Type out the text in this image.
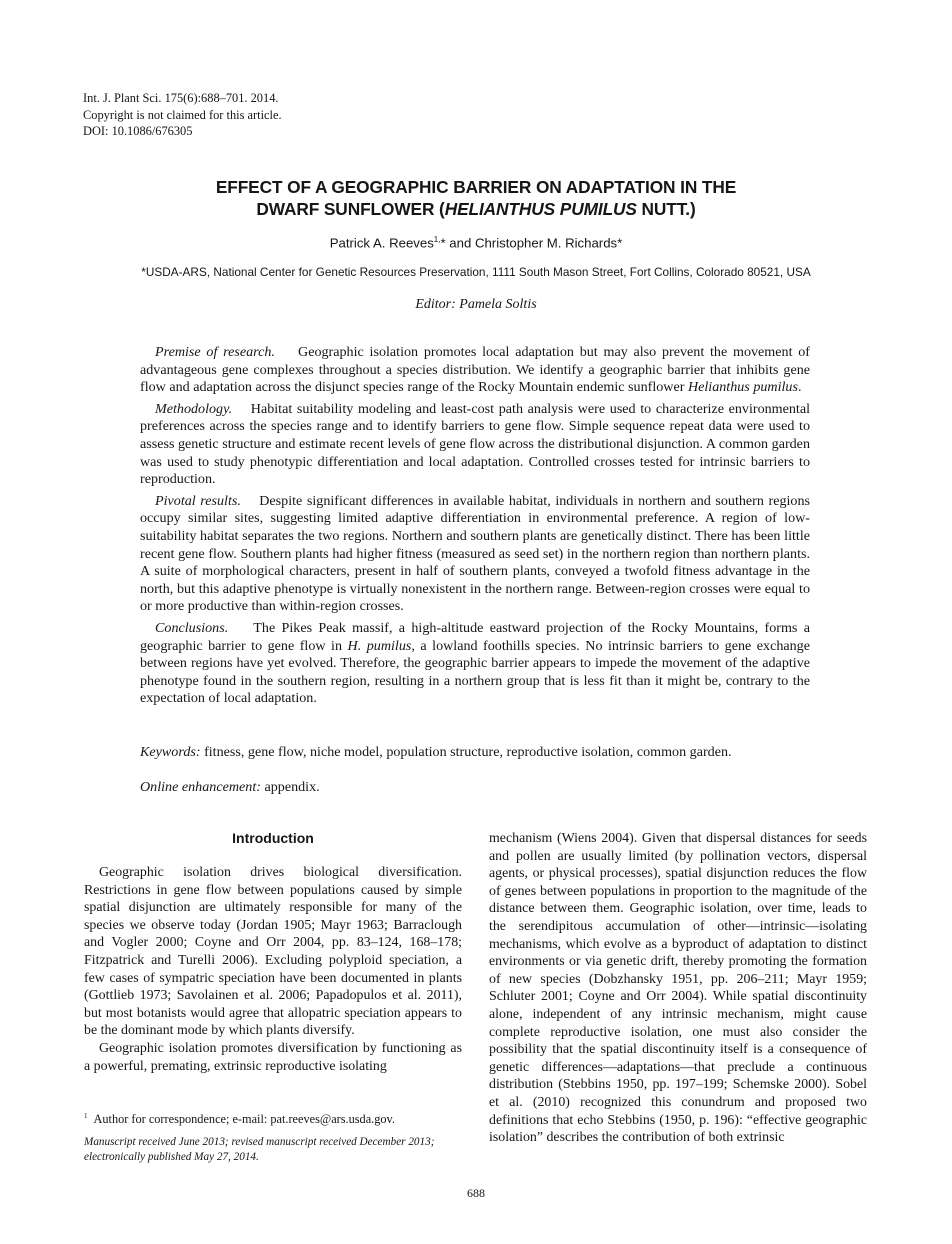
Int. J. Plant Sci. 175(6):688–701. 2014.
Copyright is not claimed for this article.
DOI: 10.1086/676305
EFFECT OF A GEOGRAPHIC BARRIER ON ADAPTATION IN THE
DWARF SUNFLOWER (HELIANTHUS PUMILUS NUTT.)
Patrick A. Reeves$^{1,}$* and Christopher M. Richards*
*USDA-ARS, National Center for Genetic Resources Preservation, 1111 South Mason Street, Fort Collins, Colorado 80521, USA
Editor: Pamela Soltis

Premise of research. Geographic isolation promotes local adaptation but may also prevent the movement of advantageous gene complexes throughout a species distribution. We identify a geographic barrier that inhibits gene flow and adaptation across the disjunct species range of the Rocky Mountain endemic sunflower Helianthus pumilus.

Methodology. Habitat suitability modeling and least-cost path analysis were used to characterize environmental preferences across the species range and to identify barriers to gene flow. Simple sequence repeat data were used to assess genetic structure and estimate recent levels of gene flow across the distributional disjunction. A common garden was used to study phenotypic differentiation and local adaptation. Controlled crosses tested for intrinsic barriers to reproduction.

Pivotal results. Despite significant differences in available habitat, individuals in northern and southern regions occupy similar sites, suggesting limited adaptive differentiation in environmental preference. A region of low-suitability habitat separates the two regions. Northern and southern plants are genetically distinct. There has been little recent gene flow. Southern plants had higher fitness (measured as seed set) in the northern region than northern plants. A suite of morphological characters, present in half of southern plants, conveyed a twofold fitness advantage in the north, but this adaptive phenotype is virtually nonexistent in the northern range. Between-region crosses were equal to or more productive than within-region crosses.

Conclusions. The Pikes Peak massif, a high-altitude eastward projection of the Rocky Mountains, forms a geographic barrier to gene flow in H. pumilus, a lowland foothills species. No intrinsic barriers to gene exchange between regions have yet evolved. Therefore, the geographic barrier appears to impede the movement of the adaptive phenotype found in the southern region, resulting in a northern group that is less fit than it might be, contrary to the expectation of local adaptation.

Keywords: fitness, gene flow, niche model, population structure, reproductive isolation, common garden.
Online enhancement: appendix.
Introduction

Geographic isolation drives biological diversification. Restrictions in gene flow between populations caused by simple spatial disjunction are ultimately responsible for many of the species we observe today (Jordan 1905; Mayr 1963; Barraclough and Vogler 2000; Coyne and Orr 2004, pp. 83–124, 168–178; Fitzpatrick and Turelli 2006). Excluding polyploid speciation, a few cases of sympatric speciation have been documented in plants (Gottlieb 1973; Savolainen et al. 2006; Papadopulos et al. 2011), but most botanists would agree that allopatric speciation appears to be the dominant mode by which plants diversify.

Geographic isolation promotes diversification by functioning as a powerful, premating, extrinsic reproductive isolating

mechanism (Wiens 2004). Given that dispersal distances for seeds and pollen are usually limited (by pollination vectors, dispersal agents, or physical processes), spatial disjunction reduces the flow of genes between populations in proportion to the magnitude of the distance between them. Geographic isolation, over time, leads to the serendipitous accumulation of other—intrinsic—isolating mechanisms, which evolve as a byproduct of adaptation to distinct environments or via genetic drift, thereby promoting the formation of new species (Dobzhansky 1951, pp. 206–211; Mayr 1959; Schluter 2001; Coyne and Orr 2004). While spatial discontinuity alone, independent of any intrinsic mechanism, might cause complete reproductive isolation, one must also consider the possibility that the spatial discontinuity itself is a consequence of genetic differences—adaptations—that preclude a continuous distribution (Stebbins 1950, pp. 197–199; Schemske 2000). Sobel et al. (2010) recognized this conundrum and proposed two definitions that echo Stebbins (1950, p. 196): “effective geographic isolation” describes the contribution of both extrinsic

$^1$ Author for correspondence; e-mail: pat.reeves@ars.usda.gov.
Manuscript received June 2013; revised manuscript received December 2013; electronically published May 27, 2014.
688
